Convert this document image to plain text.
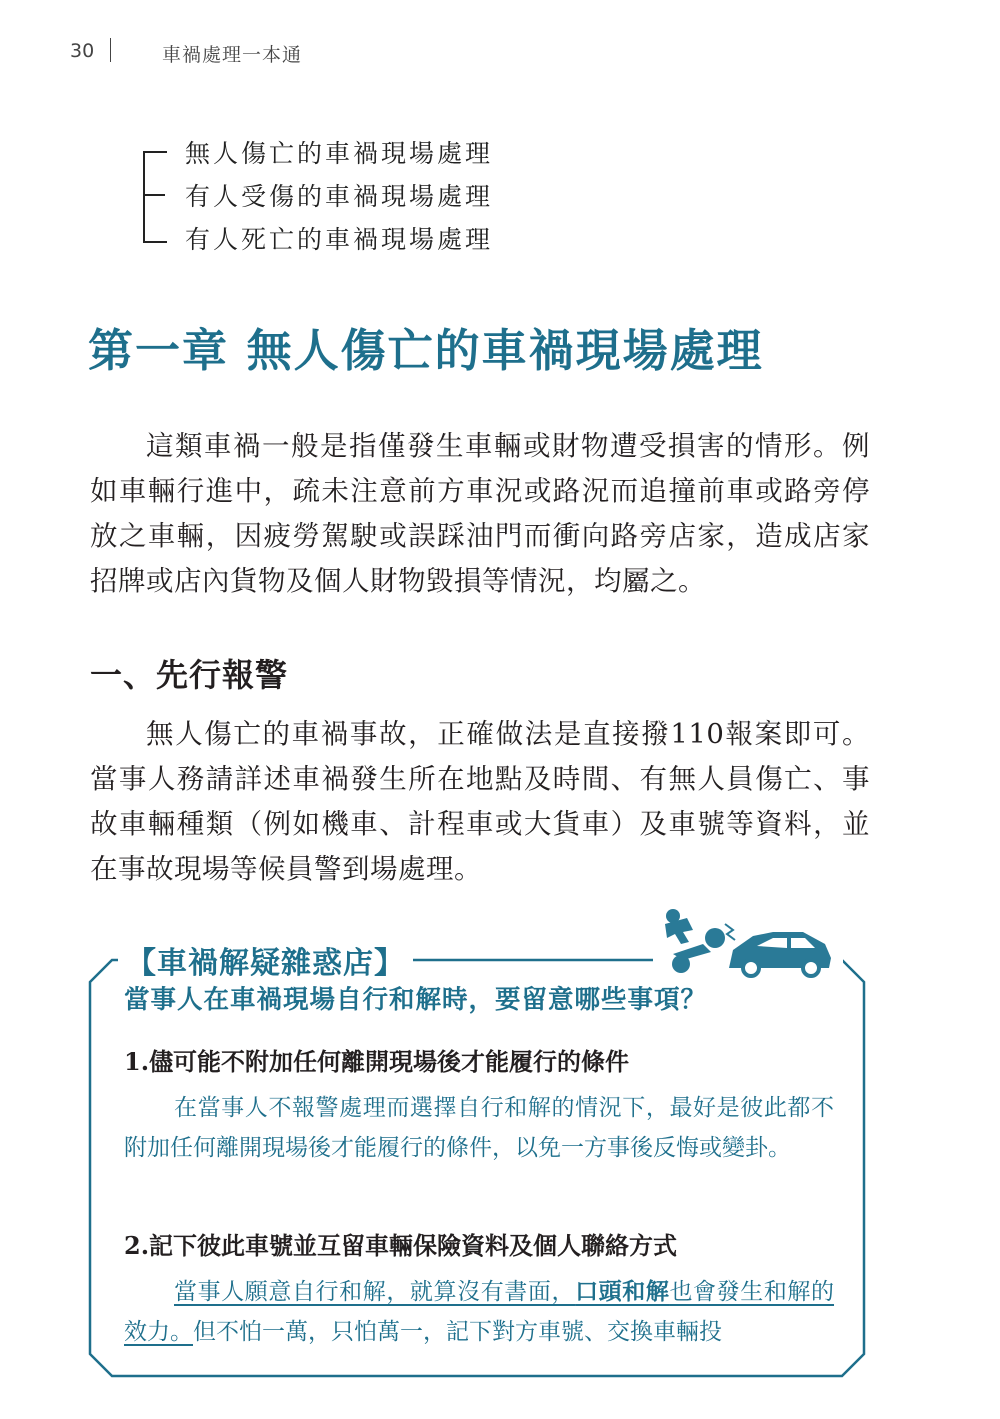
30	車禍處理一本通
無人傷亡的車禍現場處理
有人受傷的車禍現場處理
有人死亡的車禍現場處理
第一章 無人傷亡的車禍現場處理

這類車禍一般是指僅發生車輛或財物遭受損害的情形。例如車輛行進中，疏未注意前方車況或路況而追撞前車或路旁停放之車輛，因疲勞駕駛或誤踩油門而衝向路旁店家，造成店家招牌或店內貨物及個人財物毀損等情況，均屬之。

一、先行報警

無人傷亡的車禍事故，正確做法是直接撥110報案即可。當事人務請詳述車禍發生所在地點及時間、有無人員傷亡、事故車輛種類（例如機車、計程車或大貨車）及車號等資料，並在事故現場等候員警到場處理。

【車禍解疑雜惑店】
當事人在車禍現場自行和解時，要留意哪些事項？
1.儘可能不附加任何離開現場後才能履行的條件

在當事人不報警處理而選擇自行和解的情況下，最好是彼此都不附加任何離開現場後才能履行的條件，以免一方事後反悔或變卦。

2.記下彼此車號並互留車輛保險資料及個人聯絡方式

當事人願意自行和解，就算沒有書面，口頭和解也會發生和解的效力。但不怕一萬，只怕萬一，記下對方車號、交換車輛投
